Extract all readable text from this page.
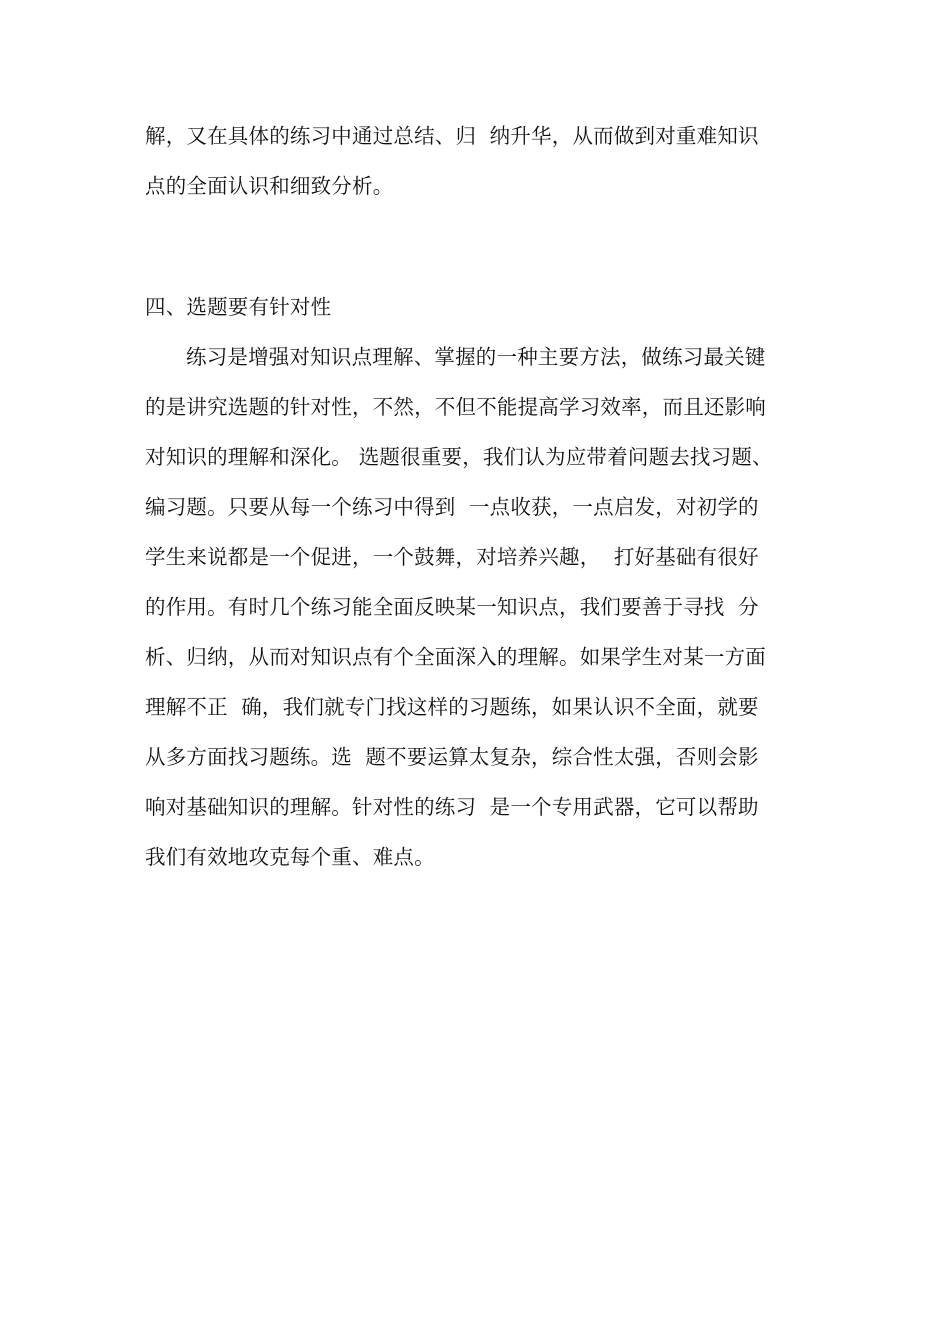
解，又在具体的练习中通过总结、归  纳升华，从而做到对重难知识
点的全面认识和细致分析。
四、选题要有针对性
练习是增强对知识点理解、掌握的一种主要方法，做练习最关键
的是讲究选题的针对性，不然，不但不能提高学习效率，而且还影响
对知识的理解和深化。 选题很重要，我们认为应带着问题去找习题、
编习题。只要从每一个练习中得到  一点收获，一点启发，对初学的
学生来说都是一个促进，一个鼓舞，对培养兴趣，  打好基础有很好
的作用。有时几个练习能全面反映某一知识点，我们要善于寻找  分
析、归纳，从而对知识点有个全面深入的理解。如果学生对某一方面
理解不正  确，我们就专门找这样的习题练，如果认识不全面，就要
从多方面找习题练。选  题不要运算太复杂，综合性太强，否则会影
响对基础知识的理解。针对性的练习  是一个专用武器，它可以帮助
我们有效地攻克每个重、难点。
